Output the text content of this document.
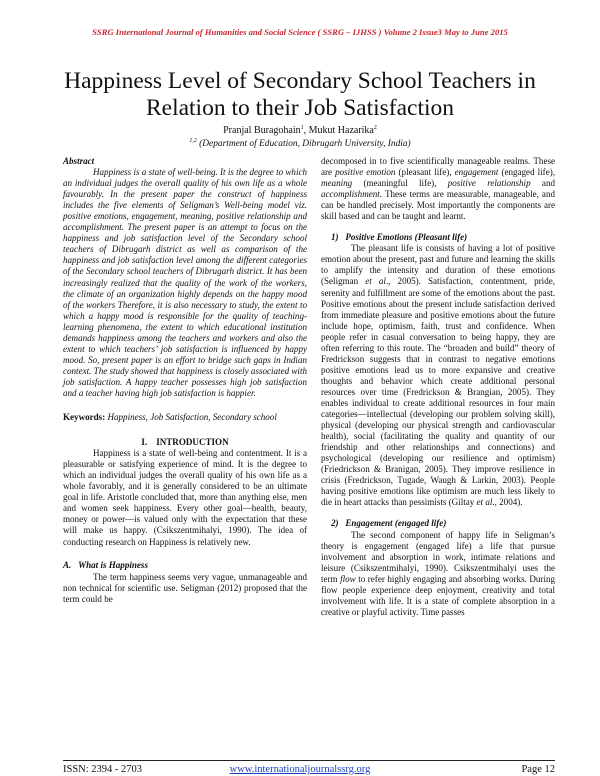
SSRG International Journal of Humanities and Social Science ( SSRG – IJHSS ) Volume 2 Issue3 May to June 2015
Happiness Level of Secondary School Teachers in Relation to their Job Satisfaction
Pranjal Buragohain$^1$, Mukut Hazarika$^2$
$^{1,2}$ (Department of Education, Dibrugarh University, India)

Abstract

Happiness is a state of well-being. It is the degree to which an individual judges the overall quality of his own life as a whole favourably. In the present paper the construct of happiness includes the five elements of Seligman’s Well-being model viz. positive emotions, engagement, meaning, positive relationship and accomplishment. The present paper is an attempt to focus on the happiness and job satisfaction level of the Secondary school teachers of Dibrugarh district as well as comparison of the happiness and job satisfaction level among the different categories of the Secondary school teachers of Dibrugarh district. It has been increasingly realized that the quality of the work of the workers, the climate of an organization highly depends on the happy mood of the workers Therefore, it is also necessary to study, the extent to which a happy mood is responsible for the quality of teaching-learning phenomena, the extent to which educational institution demands happiness among the teachers and workers and also the extent to which teachers’ job satisfaction is influenced by happy mood. So, present paper is an effort to bridge such gaps in Indian context. The study showed that happiness is closely associated with job satisfaction. A happy teacher possesses high job satisfaction and a teacher having high job satisfaction is happier.

Keywords: Happiness, Job Satisfaction, Secondary school

I.    INTRODUCTION

Happiness is a state of well-being and contentment. It is a pleasurable or satisfying experience of mind. It is the degree to which an individual judges the overall quality of his own life as a whole favorably, and it is generally considered to be an ultimate goal in life. Aristotle concluded that, more than anything else, men and women seek happiness. Every other goal—health, beauty, money or power—is valued only with the expectation that these will make us happy. (Csikszentmihalyi, 1990). The idea of conducting research on Happiness is relatively new.

A.   What is Happiness

The term happiness seems very vague, unmanageable and non technical for scientific use. Seligman (2012) proposed that the term could be

decomposed in to five scientifically manageable realms. These are positive emotion (pleasant life), engagement (engaged life), meaning (meaningful life), positive relationship and accomplishment. These terms are measurable, manageable, and can be handled precisely. Most importantly the components are skill based and can be taught and learnt.

1)   Positive Emotions (Pleasant life)

The pleasant life is consists of having a lot of positive emotion about the present, past and future and learning the skills to amplify the intensity and duration of these emotions (Seligman et al., 2005). Satisfaction, contentment, pride, serenity and fulfillment are some of the emotions about the past. Positive emotions about the present include satisfaction derived from immediate pleasure and positive emotions about the future include hope, optimism, faith, trust and confidence. When people refer in casual conversation to being happy, they are often referring to this route. The “broaden and build” theory of Fredrickson suggests that in contrast to negative emotions positive emotions lead us to more expansive and creative thoughts and behavior which create additional personal resources over time (Fredrickson & Brangian, 2005). They enables individual to create additional resources in four main categories—intellectual (developing our problem solving skill), physical (developing our physical strength and cardiovascular health), social (facilitating the quality and quantity of our friendship and other relationships and connections) and psychological (developing our resilience and optimism) (Friedrickson & Branigan, 2005). They improve resilience in crisis (Fredrickson, Tugade, Waugh & Larkin, 2003). People having positive emotions like optimism are much less likely to die in heart attacks than pessimists (Giltay et al., 2004).

2)   Engagement (engaged life)

The second component of happy life in Seligman’s theory is engagement (engaged life) a life that pursue involvement and absorption in work, intimate relations and leisure (Csikszentmihalyi, 1990). Csikszentmihalyi uses the term flow to refer highly engaging and absorbing works. During flow people experience deep enjoyment, creativity and total involvement with life. It is a state of complete absorption in a creative or playful activity. Time passes

ISSN: 2394 - 2703	www.internationaljournalssrg.org	Page 12
